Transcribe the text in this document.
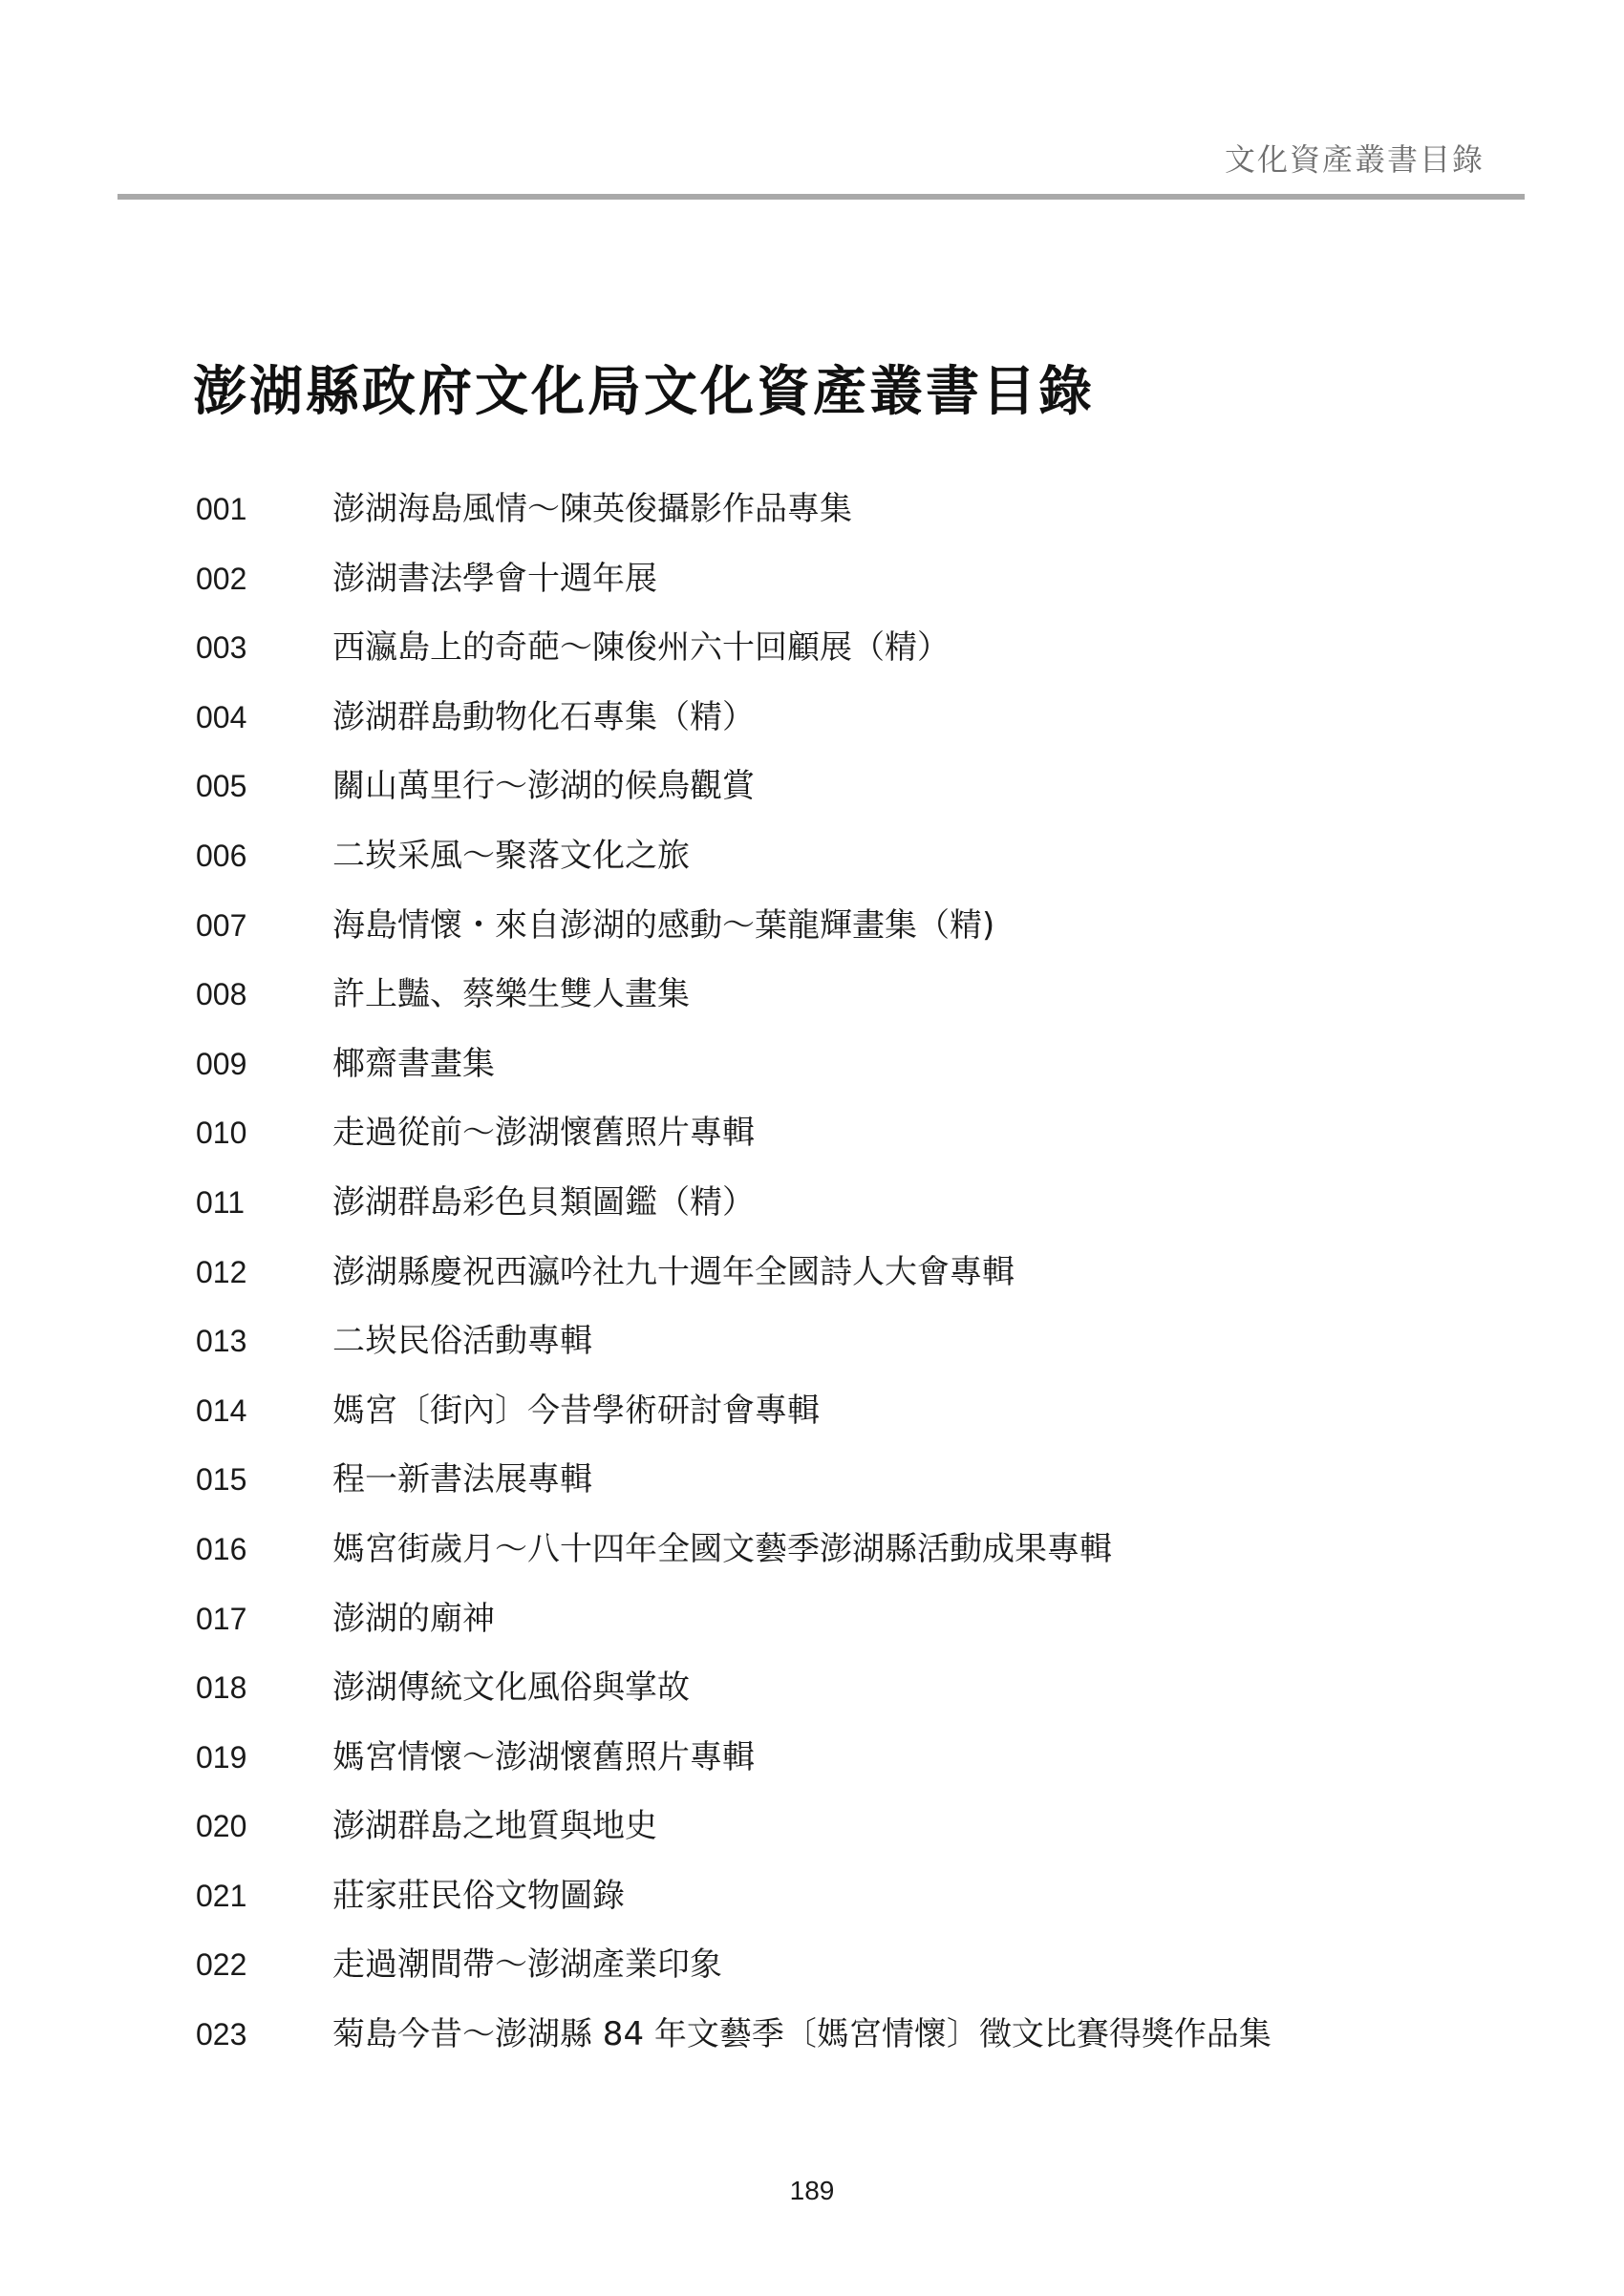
文化資產叢書目錄
澎湖縣政府文化局文化資產叢書目錄
001	澎湖海島風情～陳英俊攝影作品專集
002	澎湖書法學會十週年展
003	西瀛島上的奇葩～陳俊州六十回顧展（精）
004	澎湖群島動物化石專集（精）
005	關山萬里行～澎湖的候鳥觀賞
006	二崁采風～聚落文化之旅
007	海島情懷・來自澎湖的感動～葉龍輝畫集（精)
008	許上豔、蔡樂生雙人畫集
009	椰齋書畫集
010	走過從前～澎湖懷舊照片專輯
011	澎湖群島彩色貝類圖鑑（精）
012	澎湖縣慶祝西瀛吟社九十週年全國詩人大會專輯
013	二崁民俗活動專輯
014	媽宮〔街內〕今昔學術研討會專輯
015	程一新書法展專輯
016	媽宮街歲月～八十四年全國文藝季澎湖縣活動成果專輯
017	澎湖的廟神
018	澎湖傳統文化風俗與掌故
019	媽宮情懷～澎湖懷舊照片專輯
020	澎湖群島之地質與地史
021	莊家莊民俗文物圖錄
022	走過潮間帶～澎湖產業印象
023	菊島今昔～澎湖縣 84 年文藝季〔媽宮情懷〕徵文比賽得獎作品集
189
